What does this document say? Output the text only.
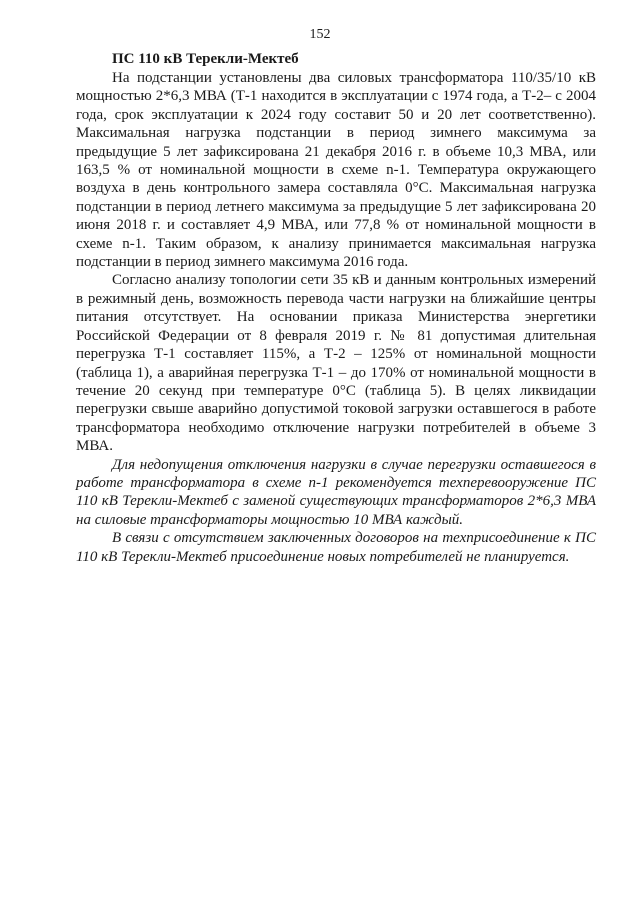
152
ПС 110 кВ Терекли-Мектеб

На подстанции установлены два силовых трансформатора 110/35/10 кВ мощностью 2*6,3 МВА (Т-1 находится в эксплуатации с 1974 года, а Т-2– с 2004 года, срок эксплуатации к 2024 году составит 50 и 20 лет соответственно). Максимальная нагрузка подстанции в период зимнего максимума за предыдущие 5 лет зафиксирована 21 декабря 2016 г. в объеме 10,3 МВА, или 163,5 % от номинальной мощности в схеме n-1. Температура окружающего воздуха в день контрольного замера составляла 0°С. Максимальная нагрузка подстанции в период летнего максимума за предыдущие 5 лет зафиксирована 20 июня 2018 г. и составляет 4,9 МВА, или 77,8 % от номинальной мощности в схеме n-1. Таким образом, к анализу принимается максимальная нагрузка подстанции в период зимнего максимума 2016 года.

Согласно анализу топологии сети 35 кВ и данным контрольных измерений в режимный день, возможность перевода части нагрузки на ближайшие центры питания отсутствует. На основании приказа Министерства энергетики Российской Федерации от 8 февраля 2019 г. № 81 допустимая длительная перегрузка Т-1 составляет 115%, а Т-2 – 125% от номинальной мощности (таблица 1), а аварийная перегрузка Т-1 – до 170% от номинальной мощности в течение 20 секунд при температуре 0°С (таблица 5). В целях ликвидации перегрузки свыше аварийно допустимой токовой загрузки оставшегося в работе трансформатора необходимо отключение нагрузки потребителей в объеме 3 МВА.

Для недопущения отключения нагрузки в случае перегрузки оставшегося в работе трансформатора в схеме n-1 рекомендуется техперевооружение ПС 110 кВ Терекли-Мектеб с заменой существующих трансформаторов 2*6,3 МВА на силовые трансформаторы мощностью 10 МВА каждый.

В связи с отсутствием заключенных договоров на техприсоединение к ПС 110 кВ Терекли-Мектеб присоединение новых потребителей не планируется.
